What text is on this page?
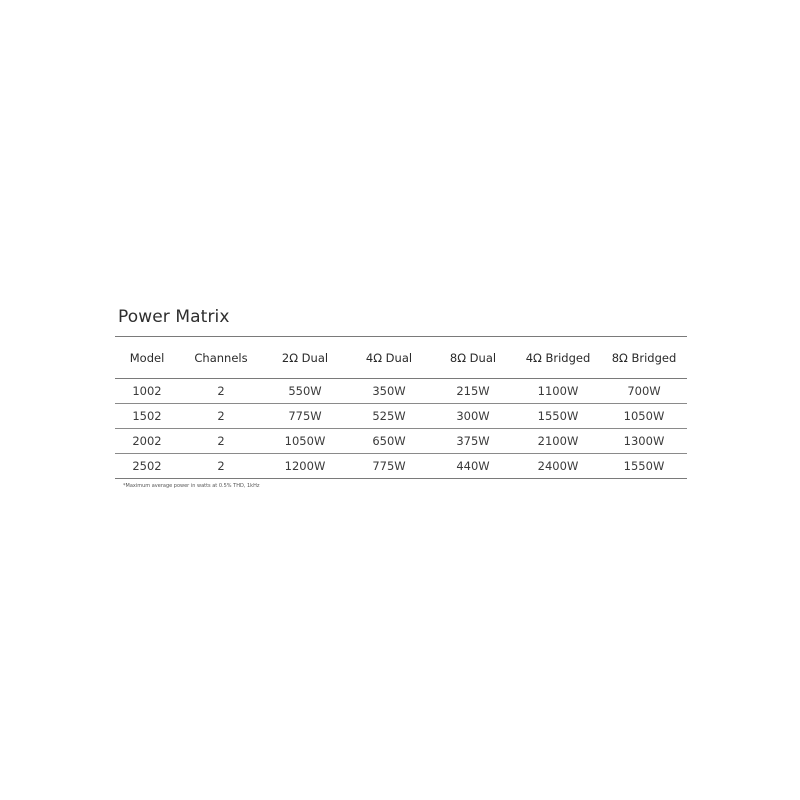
Power Matrix
Model	Channels	2Ω Dual	4Ω Dual	8Ω Dual	4Ω Bridged	8Ω Bridged
1002	2	550W	350W	215W	1100W	700W
1502	2	775W	525W	300W	1550W	1050W
2002	2	1050W	650W	375W	2100W	1300W
2502	2	1200W	775W	440W	2400W	1550W
*Maximum average power in watts at 0.5% THD, 1kHz
